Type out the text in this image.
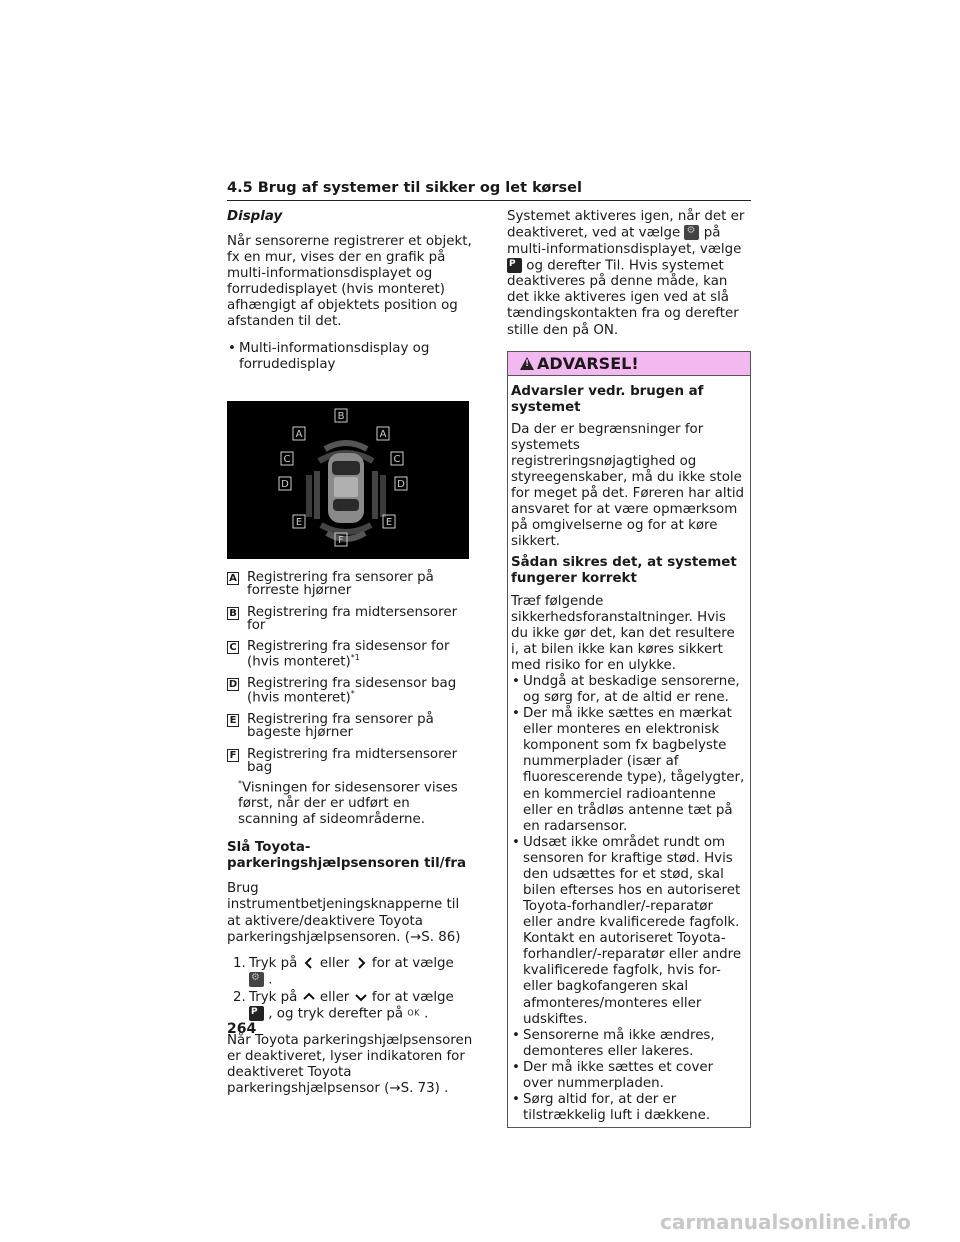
4.5 Brug af systemer til sikker og let kørsel
Display

Når sensorerne registrerer et objekt, fx en mur, vises der en grafik på multi-informationsdisplayet og forrudedisplayet (hvis monteret) afhængigt af objektets position og afstanden til det.

• Multi-informationsdisplay og forrudedisplay
B
A	A
C	C
D	D
E	E
F
A Registrering fra sensorer på forreste hjørner
B Registrering fra midtersensorer for
C Registrering fra sidesensor for (hvis monteret)$^{*1}$
D Registrering fra sidesensor bag (hvis monteret)*
E Registrering fra sensorer på bageste hjørner
F Registrering fra midtersensorer bag
*Visningen for sidesensorer vises først, når der er udført en scanning af sideområderne.
Slå Toyota-parkeringshjælpsensoren til/fra

Brug instrumentbetjeningsknapperne til at aktivere/deaktivere Toyota parkeringshjælpsensoren. (→S. 86)

1. Tryk på eller for at vælge ⚙ .
2. Tryk på eller for at vælge P , og tryk derefter på OK .

Når Toyota parkeringshjælpsensoren er deaktiveret, lyser indikatoren for deaktiveret Toyota parkeringshjælpsensor (→S. 73) .

Systemet aktiveres igen, når det er deaktiveret, ved at vælge ⚙ på multi-informationsdisplayet, vælge P og derefter Til. Hvis systemet deaktiveres på denne måde, kan det ikke aktiveres igen ved at slå tændingskontakten fra og derefter stille den på ON.

!
ADVARSEL!
Advarsler vedr. brugen af systemet

Da der er begrænsninger for systemets registreringsnøjagtighed og styreegenskaber, må du ikke stole for meget på det. Føreren har altid ansvaret for at være opmærksom på omgivelserne og for at køre sikkert.

Sådan sikres det, at systemet fungerer korrekt

Træf følgende sikkerhedsforanstaltninger. Hvis du ikke gør det, kan det resultere i, at bilen ikke kan køres sikkert med risiko for en ulykke.

• Undgå at beskadige sensorerne, og sørg for, at de altid er rene.
• Der må ikke sættes en mærkat eller monteres en elektronisk komponent som fx bagbelyste nummerplader (især af fluorescerende type), tågelygter, en kommerciel radioantenne eller en trådløs antenne tæt på en radarsensor.
• Udsæt ikke området rundt om sensoren for kraftige stød. Hvis den udsættes for et stød, skal bilen efterses hos en autoriseret Toyota-forhandler/-reparatør eller andre kvalificerede fagfolk. Kontakt en autoriseret Toyota-forhandler/-reparatør eller andre kvalificerede fagfolk, hvis for- eller bagkofangeren skal afmonteres/monteres eller udskiftes.
• Sensorerne må ikke ændres, demonteres eller lakeres.
• Der må ikke sættes et cover over nummerpladen.
• Sørg altid for, at der er tilstrækkelig luft i dækkene.
264
carmanualsonline.info
